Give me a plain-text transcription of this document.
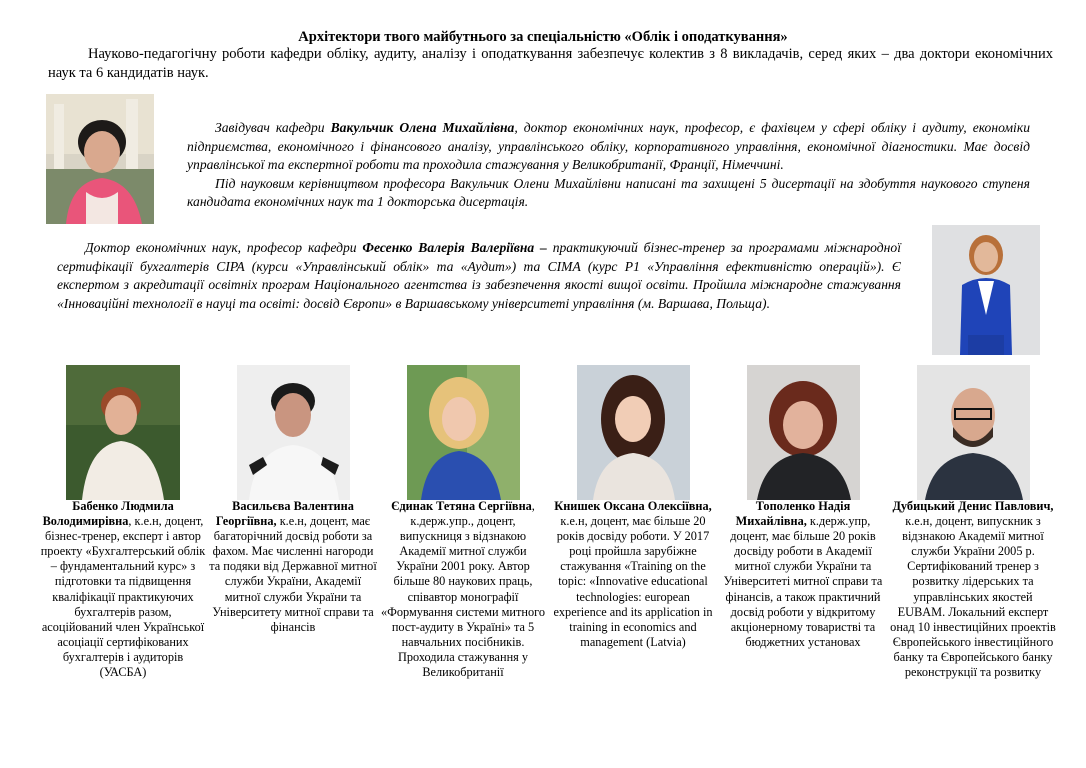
Архітектори твого майбутнього за спеціальністю «Облік і оподаткування»
Науково-педагогічну роботи кафедри обліку, аудиту, аналізу і оподаткування забезпечує колектив з 8 викладачів, серед яких – два доктори економічних наук та 6 кандидатів наук.

Завідувач кафедри Вакульчик Олена Михайлівна, доктор економічних наук, професор, є фахівцем у сфері обліку і аудиту, економіки підприємства, економічного і фінансового аналізу, управлінського обліку, корпоративного управління, економічної діагностики. Має досвід управлінської та експертної роботи та проходила стажування у Великобританії, Франції, Німеччині.

Під науковим керівництвом професора Вакульчик Олени Михайлівни написані та захищені 5 дисертації на здобуття наукового ступеня кандидата економічних наук та 1 докторська дисертація.

Доктор економічних наук, професор кафедри Фесенко Валерія Валеріївна – практикуючий бізнес-тренер за програмами міжнародної сертифікації бухгалтерів CIPA (курси «Управлінський облік» та «Аудит») та CIMA (курс Р1 «Управління ефективністю операцій»). Є експертом з акредитації освітніх програм Національного агентства із забезпечення якості вищої освіти. Пройшла міжнародне стажування «Інноваційні технології в науці та освіті: досвід Європи» в Варшавському університеті управління (м. Варшава, Польща).

Бабенко Людмила Володимирівна, к.е.н, доцент, бізнес-тренер, експерт і автор проекту «Бухгалтерський облік – фундаментальний курс» з підготовки та підвищення кваліфікації практикуючих бухгалтерів разом, асоційований член Української асоціації сертифікованих бухгалтерів і аудиторів (УАСБА)
Васильєва Валентина Георгіївна, к.е.н, доцент, має багаторічний досвід роботи за фахом. Має численні нагороди та подяки від Державної митної служби України, Академії митної служби України та Університету митної справи та фінансів
Єдинак Тетяна Сергіївна, к.держ.упр., доцент, випускниця з відзнакою Академії митної служби України 2001 року. Автор більше 80 наукових праць, співавтор монографії «Формування системи митного пост-аудиту в Україні» та 5 навчальних посібників. Проходила стажування у Великобританії
Книшек Оксана Олексіївна, к.е.н, доцент, має більше 20 років досвіду роботи. У 2017 році пройшла зарубіжне стажування «Training on the topic: «Innovative educational technologies: european experience and its application in training in economics and management (Latvia)
Тополенко Надія Михайлівна, к.держ.упр, доцент, має більше 20 років досвіду роботи в Академії митної служби України та Університеті митної справи та фінансів, а також практичний досвід роботи у відкритому акціонерному товаристві та бюджетних установах
Дубицький Денис Павлович, к.е.н, доцент, випускник з відзнакою Академії митної служби України 2005 р. Сертифікований тренер з розвитку лідерських та управлінських якостей EUBAM. Локальний експерт онад 10 інвестиційних проектів Європейського інвестиційного банку та Європейського банку реконструкції та розвитку
